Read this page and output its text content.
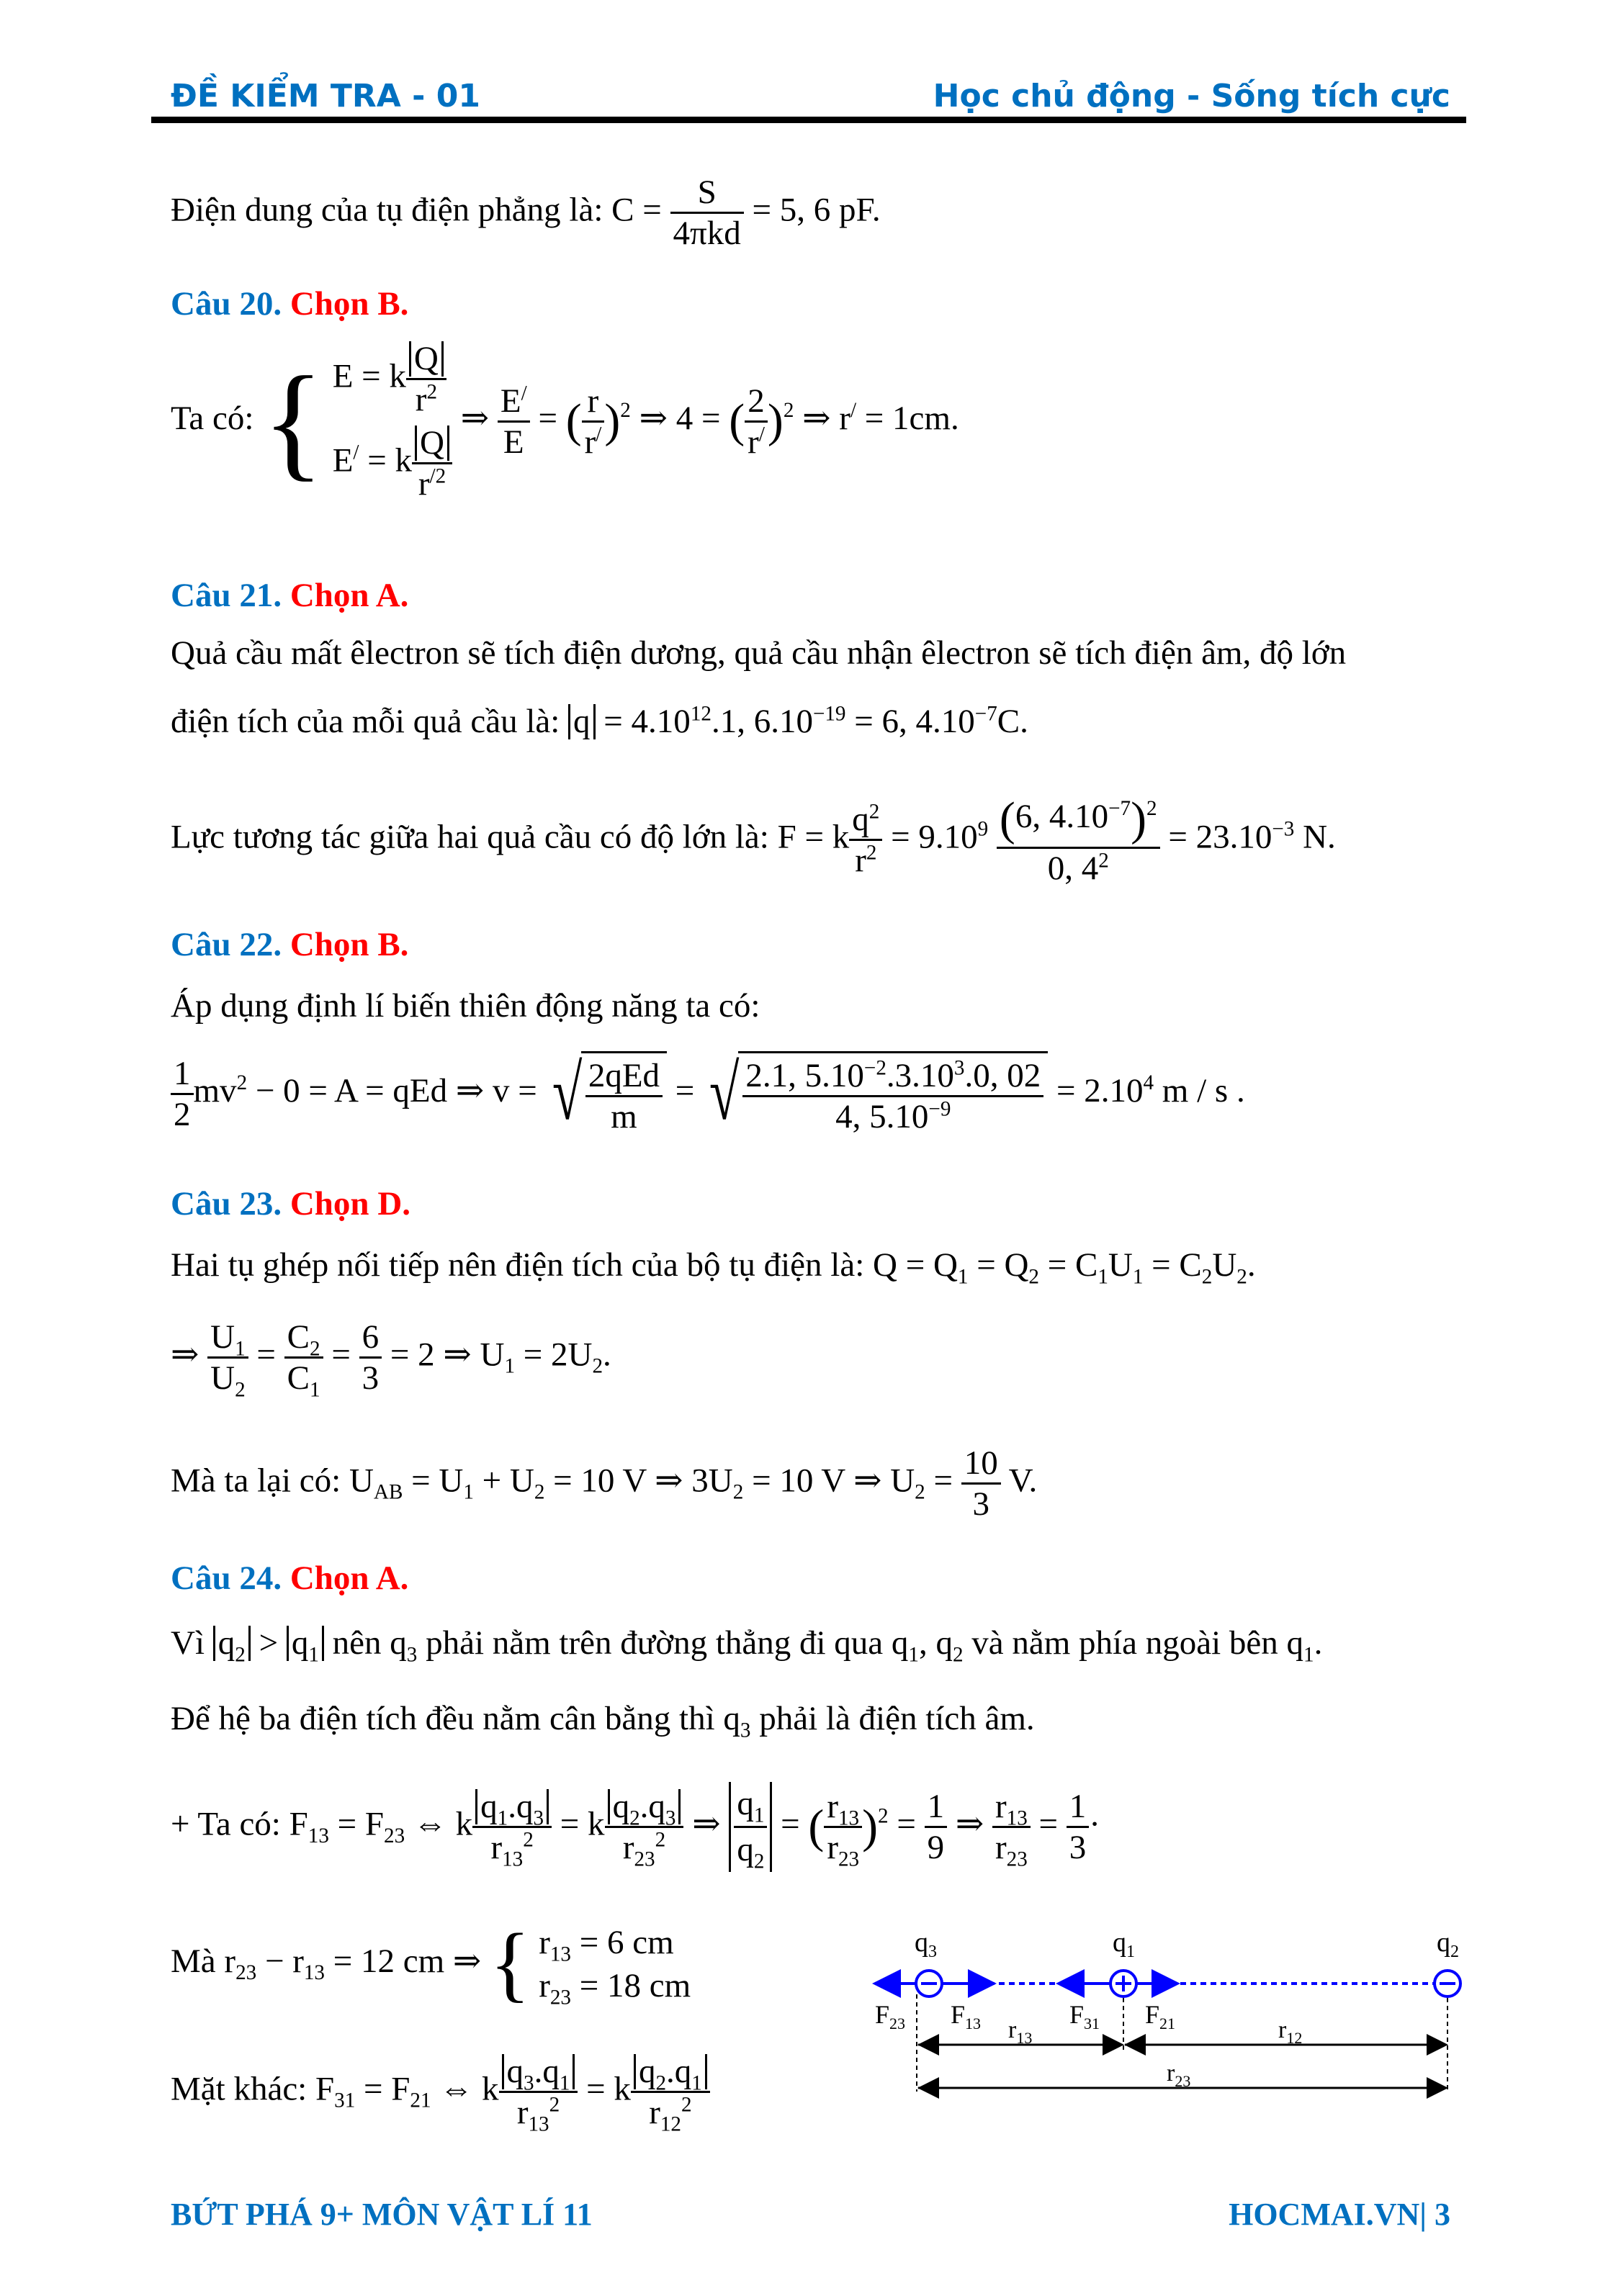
ĐỀ KIỂM TRA - 01	Học chủ động - Sống tích cực
Điện dung của tụ điện phẳng là: $C = \frac{S}{\text{4πkd}} = 5$, 6 pF.
Câu 20. Chọn B.
Ta có: { E = k $\frac{Q}{r^2}$
E/ = k $\frac{Q}{r^{/2}}$
⇒ $\frac{E^/}{E}$ = ( $\frac{r}{r^/} )^2$ ⇒ 4 = ( $\frac{2}{r^/} )^2$ ⇒ r/ = 1cm.
Câu 21. Chọn A.
Quả cầu mất êlectron sẽ tích điện dương, quả cầu nhận êlectron sẽ tích điện âm, độ lớn
điện tích của mỗi quả cầu là: $q = 4.10^{12}.1$, $6.10^{-19} = 6$, $4.10^{-7}C$.
Lực tương tác giữa hai quả cầu có độ lớn là: F = k $\frac{q^2}{r^2} = 9.10^9 \frac{(6, 4.10^{-7})^2}{0, 4^2} = 23.10^{-3}$ N.
Câu 22. Chọn B.
Áp dụng định lí biến thiên động năng ta có:
$\frac{1}{2} mv^2 - 0 = A$ = qEd ⇒ v = √ $\frac{\text{2qEd}}{m}$ = √ $\frac{2.1, 5.10^{-2}.3.10^3.0, 02}{4, 5.10^{-9}} = 2.10^4$ m / s .
Câu 23. Chọn D.
Hai tụ ghép nối tiếp nên điện tích của bộ tụ điện là: $Q = Q_1 = Q_2 = C_1U_1 = C_2U_2$.
⇒ $\frac{U_1}{U_2} = \frac{C_2}{C_1} = \frac{6}{3} = 2$ ⇒ $U_1 = 2U_2$.
Mà ta lại có: $U_{AB} = U_1 + U_2 = 10$ V ⇒ $3U_2 = 10$ V ⇒ $U_2 = \frac{10}{3} V$.
Câu 24. Chọn A.
Vì $q_2 > q_1$ nên $q_3$ phải nằm trên đường thẳng đi qua $q_1$, $q_2$ và nằm phía ngoài bên $q_1$.
Để hệ ba điện tích đều nằm cân bằng thì $q_3$ phải là điện tích âm.
+ Ta có: $F_{13} = F_{23}$ ⇔ k $\frac{q_1.q_3}{r_{13}^2} = k \frac{q_2.q_3}{r_{23}^2}$ ⇒ $\frac{q_1}{q_2}$ = ( $\frac{r_{13}}{r_{23}} )^2 = \frac{1}{9}$ ⇒ $\frac{r_{13}}{r_{23}} = \frac{1}{3}$ ·
Mà $r_{23} - r_{13} = 12$ cm ⇒ { $r_{13} = 6$ cm
$r_{23} = 18$ cm
Mặt khác: $F_{31} = F_{21}$ ⇔ k $\frac{q_3.q_1}{r_{13}^2} = k \frac{q_2.q_1}{r_{12}^2}$
$q_3$	$q_1$	$q_2$
$F_{23}$ $F_{13}$	$F_{31}$ $F_{21}$
$r_{13}$	$r_{12}$
$r_{23}$
BỨT PHÁ 9+ MÔN VẬT LÍ 11	HOCMAI.VN| 3
